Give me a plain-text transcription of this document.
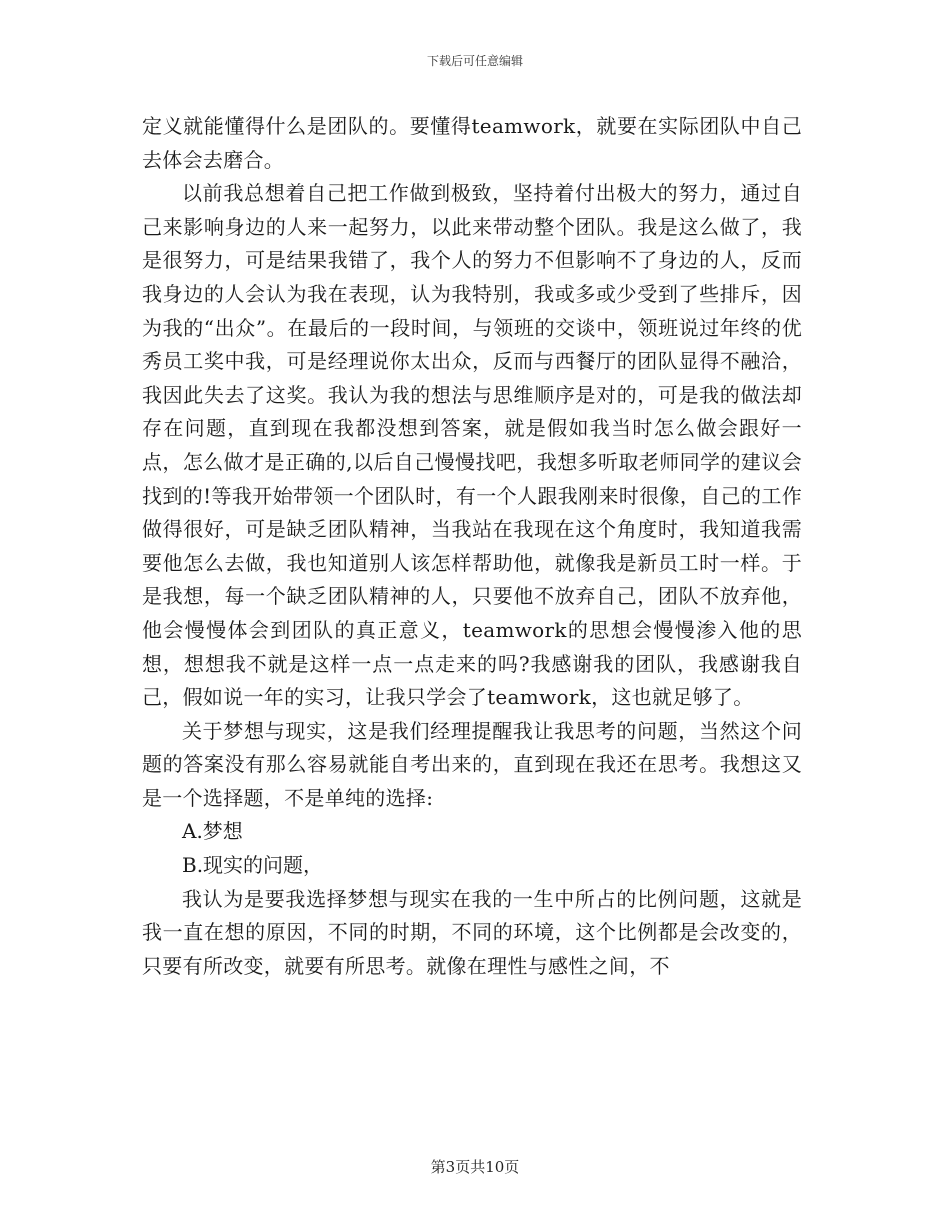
下载后可任意编辑

定义就能懂得什么是团队的。要懂得teamwork，就要在实际团队中自己去体会去磨合。

以前我总想着自己把工作做到极致，坚持着付出极大的努力，通过自己来影响身边的人来一起努力，以此来带动整个团队。我是这么做了，我是很努力，可是结果我错了，我个人的努力不但影响不了身边的人，反而我身边的人会认为我在表现，认为我特别，我或多或少受到了些排斥，因为我的“出众”。在最后的一段时间，与领班的交谈中，领班说过年终的优秀员工奖中我，可是经理说你太出众，反而与西餐厅的团队显得不融洽，我因此失去了这奖。我认为我的想法与思维顺序是对的，可是我的做法却存在问题，直到现在我都没想到答案，就是假如我当时怎么做会跟好一点，怎么做才是正确的,以后自己慢慢找吧，我想多听取老师同学的建议会找到的!等我开始带领一个团队时，有一个人跟我刚来时很像，自己的工作做得很好，可是缺乏团队精神，当我站在我现在这个角度时，我知道我需要他怎么去做，我也知道别人该怎样帮助他，就像我是新员工时一样。于是我想，每一个缺乏团队精神的人，只要他不放弃自己，团队不放弃他，他会慢慢体会到团队的真正意义，teamwork的思想会慢慢渗入他的思想，想想我不就是这样一点一点走来的吗?我感谢我的团队，我感谢我自己，假如说一年的实习，让我只学会了teamwork，这也就足够了。

关于梦想与现实，这是我们经理提醒我让我思考的问题，当然这个问题的答案没有那么容易就能自考出来的，直到现在我还在思考。我想这又是一个选择题，不是单纯的选择:

A.梦想

B.现实的问题，

我认为是要我选择梦想与现实在我的一生中所占的比例问题，这就是我一直在想的原因，不同的时期，不同的环境，这个比例都是会改变的，只要有所改变，就要有所思考。就像在理性与感性之间，不

第3页共10页
